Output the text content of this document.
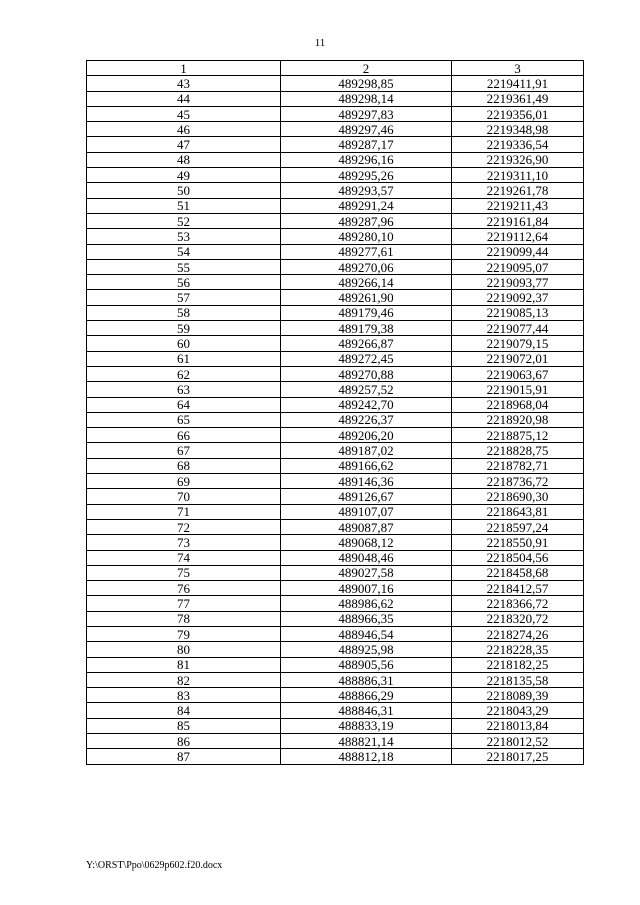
11
1	2	3
43	489298,85	2219411,91
44	489298,14	2219361,49
45	489297,83	2219356,01
46	489297,46	2219348,98
47	489287,17	2219336,54
48	489296,16	2219326,90
49	489295,26	2219311,10
50	489293,57	2219261,78
51	489291,24	2219211,43
52	489287,96	2219161,84
53	489280,10	2219112,64
54	489277,61	2219099,44
55	489270,06	2219095,07
56	489266,14	2219093,77
57	489261,90	2219092,37
58	489179,46	2219085,13
59	489179,38	2219077,44
60	489266,87	2219079,15
61	489272,45	2219072,01
62	489270,88	2219063,67
63	489257,52	2219015,91
64	489242,70	2218968,04
65	489226,37	2218920,98
66	489206,20	2218875,12
67	489187,02	2218828,75
68	489166,62	2218782,71
69	489146,36	2218736,72
70	489126,67	2218690,30
71	489107,07	2218643,81
72	489087,87	2218597,24
73	489068,12	2218550,91
74	489048,46	2218504,56
75	489027,58	2218458,68
76	489007,16	2218412,57
77	488986,62	2218366,72
78	488966,35	2218320,72
79	488946,54	2218274,26
80	488925,98	2218228,35
81	488905,56	2218182,25
82	488886,31	2218135,58
83	488866,29	2218089,39
84	488846,31	2218043,29
85	488833,19	2218013,84
86	488821,14	2218012,52
87	488812,18	2218017,25
Y:\ORST\Ppo\0629p602.f20.docx
